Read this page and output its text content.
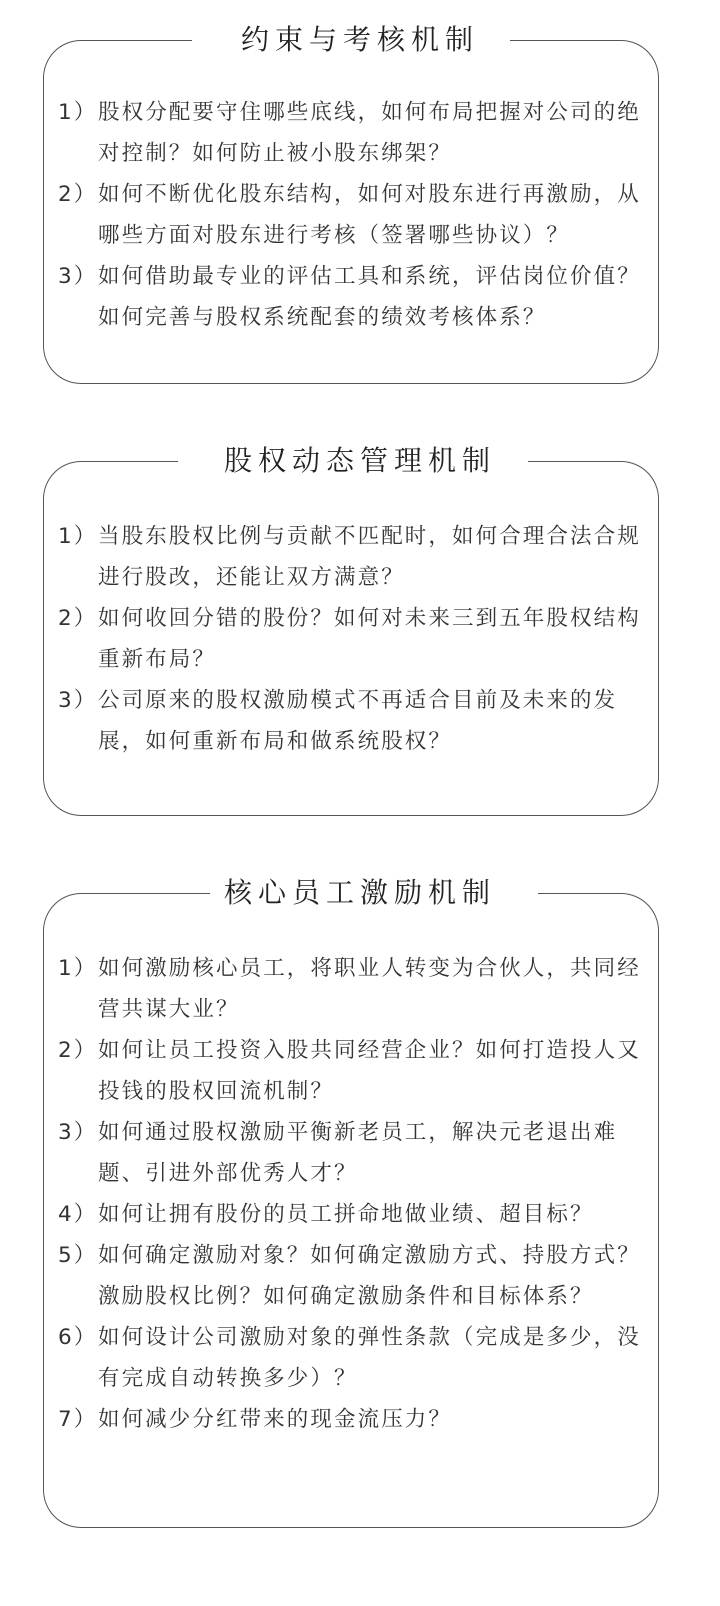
约束与考核机制
1） 股权分配要守住哪些底线，如何布局把握对公司的绝对控制？如何防止被小股东绑架？
2） 如何不断优化股东结构，如何对股东进行再激励，从哪些方面对股东进行考核（签署哪些协议）？
3） 如何借助最专业的评估工具和系统，评估岗位价值？如何完善与股权系统配套的绩效考核体系？
股权动态管理机制
1） 当股东股权比例与贡献不匹配时，如何合理合法合规进行股改，还能让双方满意？
2） 如何收回分错的股份？如何对未来三到五年股权结构重新布局？
3） 公司原来的股权激励模式不再适合目前及未来的发展，如何重新布局和做系统股权？
核心员工激励机制
1） 如何激励核心员工，将职业人转变为合伙人，共同经营共谋大业？
2） 如何让员工投资入股共同经营企业？如何打造投人又投钱的股权回流机制？
3） 如何通过股权激励平衡新老员工，解决元老退出难题、引进外部优秀人才？
4） 如何让拥有股份的员工拼命地做业绩、超目标？
5） 如何确定激励对象？如何确定激励方式、持股方式？激励股权比例？如何确定激励条件和目标体系？
6） 如何设计公司激励对象的弹性条款（完成是多少，没有完成自动转换多少）？
7） 如何减少分红带来的现金流压力？
